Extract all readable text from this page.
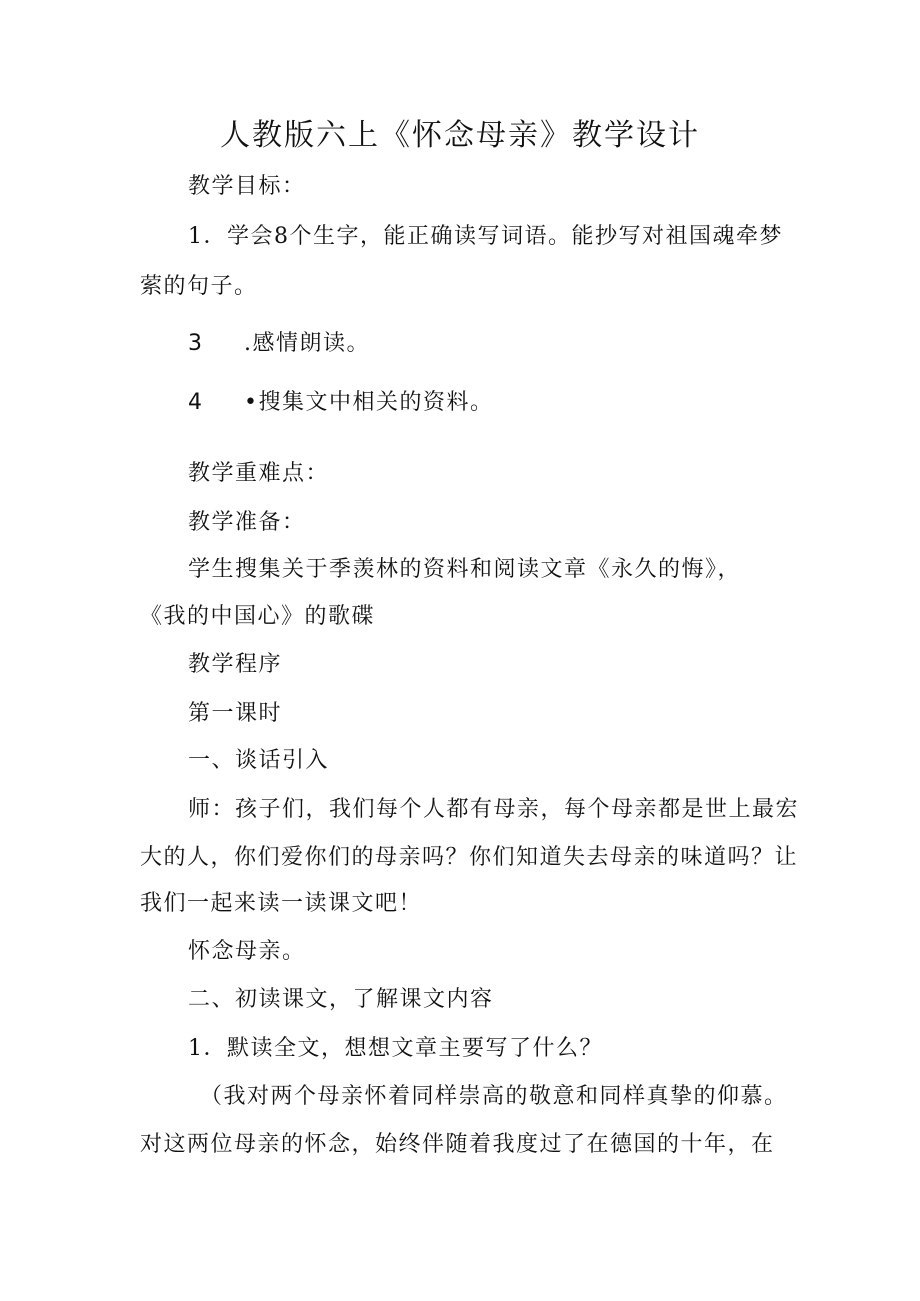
人教版六上《怀念母亲》教学设计
教学目标：
1．学会8个生字，能正确读写词语。能抄写对祖国魂牵梦
萦的句子。
3 .感情朗读。
4 •搜集文中相关的资料。
教学重难点：
教学准备：
学生搜集关于季羡林的资料和阅读文章《永久的悔》，
《我的中国心》的歌碟
教学程序
第一课时
一、谈话引入
师：孩子们，我们每个人都有母亲，每个母亲都是世上最宏
大的人，你们爱你们的母亲吗？你们知道失去母亲的味道吗？让
我们一起来读一读课文吧！
怀念母亲。
二、初读课文，了解课文内容
1．默读全文，想想文章主要写了什么？
（我对两个母亲怀着同样崇高的敬意和同样真挚的仰慕。
对这两位母亲的怀念，始终伴随着我度过了在德国的十年，在
